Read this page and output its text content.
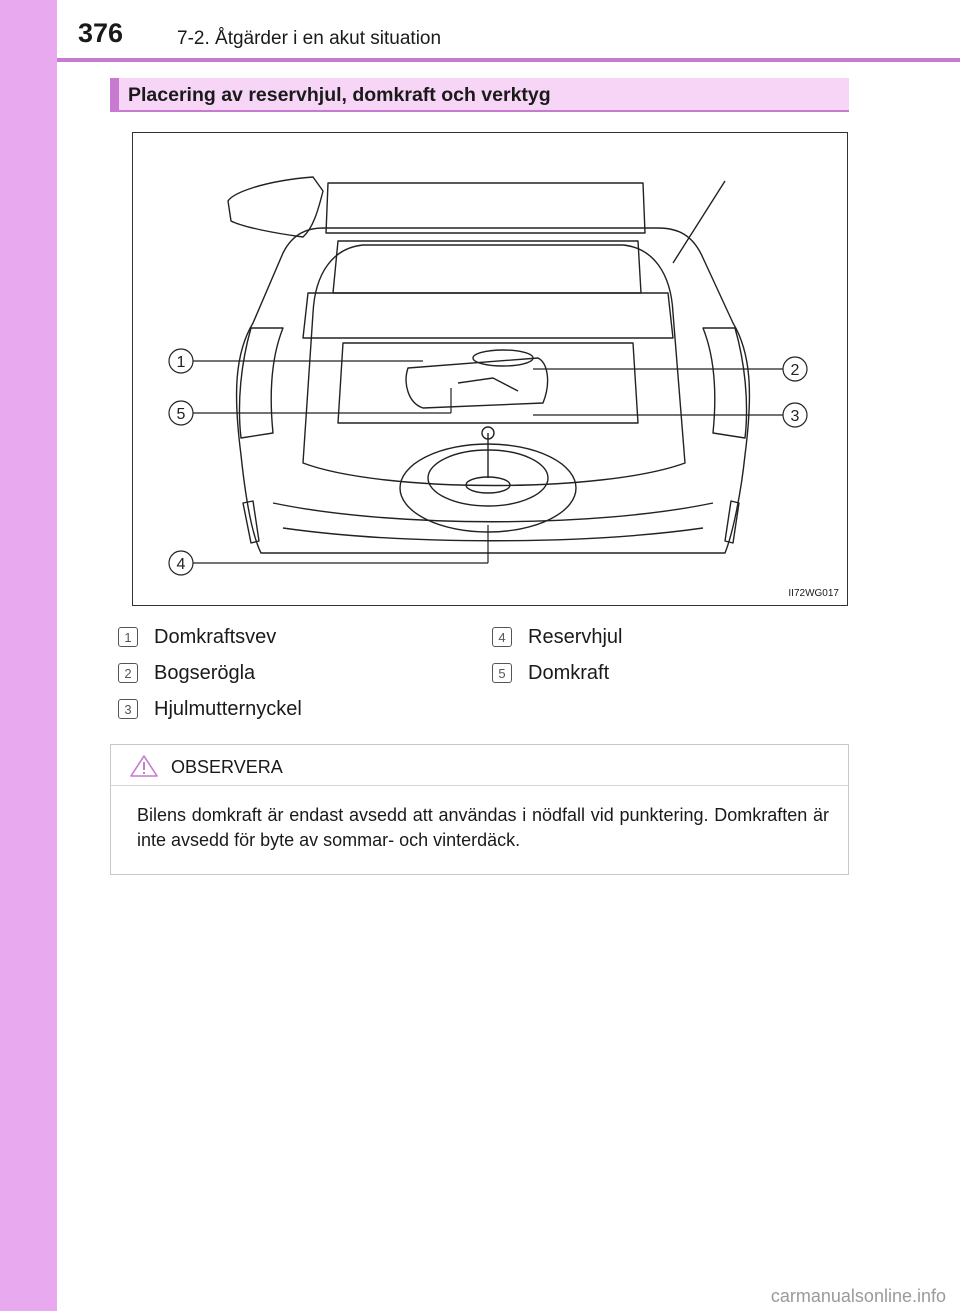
376	7-2. Åtgärder i en akut situation
Placering av reservhjul, domkraft och verktyg
1	2
3
4
5
II72WG017
1	Domkraftsvev
2	Bogserögla
3	Hjulmutternyckel
4	Reservhjul
5	Domkraft
OBSERVERA
Bilens domkraft är endast avsedd att användas i nödfall vid punktering. Domkraften är inte avsedd för byte av sommar- och vinterdäck.
carmanualsonline.info
